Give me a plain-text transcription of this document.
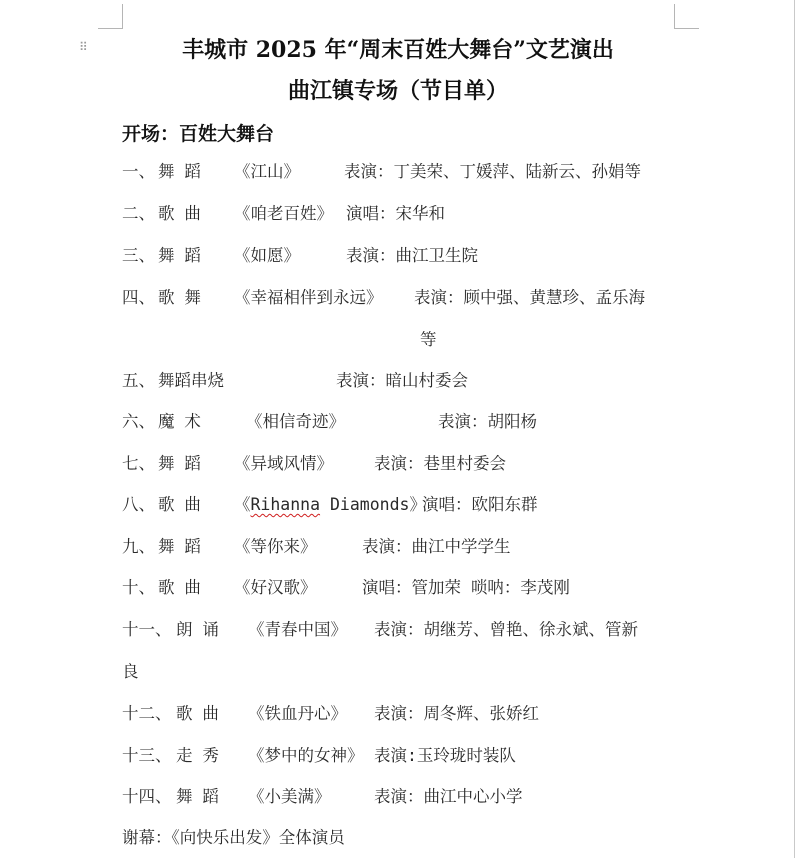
⠿	丰城市 2025 年“周末百姓大舞台”文艺演出
曲江镇专场（节目单）
开场：百姓大舞台
一、 舞 蹈 《江山》	表演：丁美荣、丁媛萍、陆新云、孙娟等
二、 歌 曲 《咱老百姓》 演唱：宋华和
三、 舞 蹈 《如愿》	表演：曲江卫生院
四、 歌 舞 《幸福相伴到永远》 表演：顾中强、黄慧珍、孟乐海
等
五、 舞蹈串烧	表演：暗山村委会
六、 魔 术	《相信奇迹》	表演：胡阳杨
七、 舞 蹈 《异域风情》 表演：巷里村委会
八、 歌 曲 《Rihanna Diamonds》
演唱：欧阳东群
九、 舞 蹈 《等你来》	表演：曲江中学学生
十、 歌 曲 《好汉歌》	演唱：管加荣 唢呐：李茂刚
十一、 朗 诵 《青春中国》 表演：胡继芳、曾艳、徐永斌、管新
良
十二、 歌 曲 《铁血丹心》 表演：周冬辉、张娇红
十三、 走 秀 《梦中的女神》 表演:玉玲珑时装队
十四、 舞 蹈 《小美满》	表演：曲江中心小学
谢幕：《向快乐出发》全体演员
